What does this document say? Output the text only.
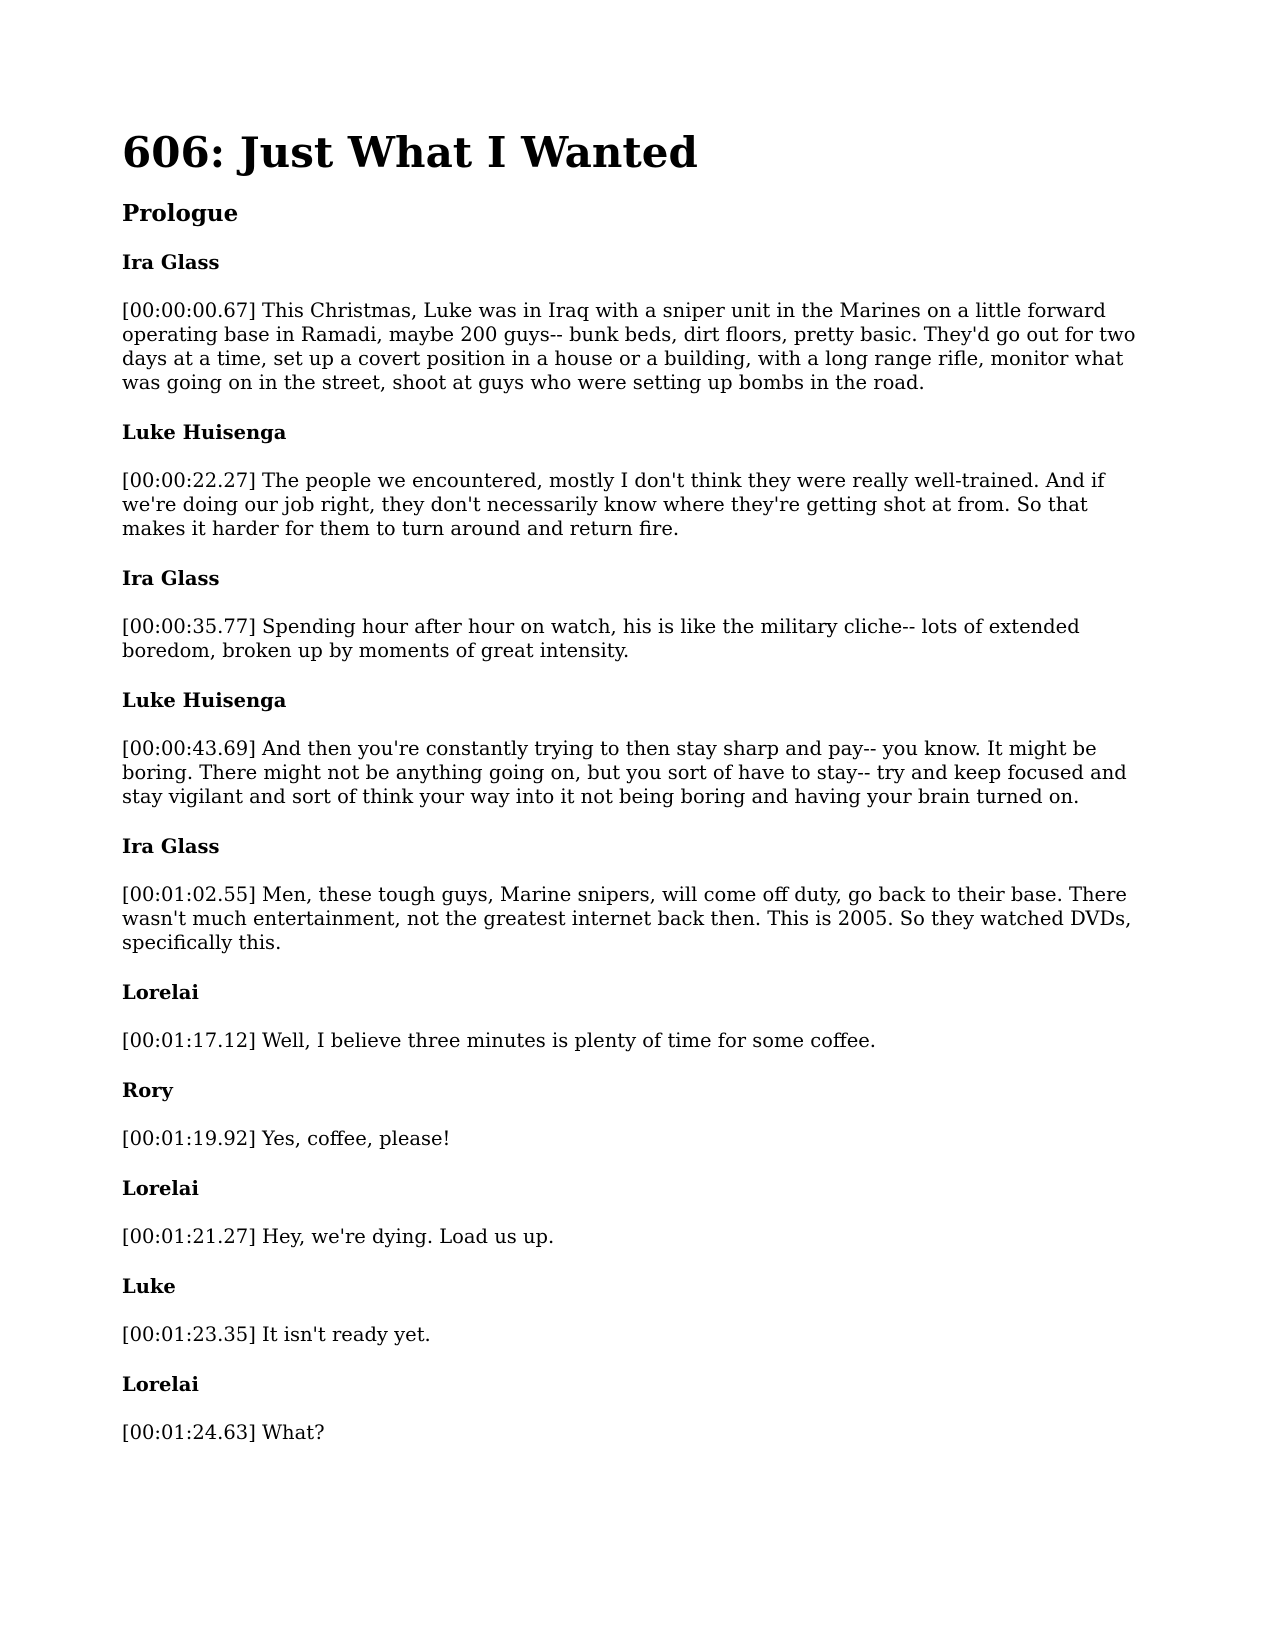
606: Just What I Wanted
Prologue
Ira Glass

[00:00:00.67] This Christmas, Luke was in Iraq with a sniper unit in the Marines on a little forward operating base in Ramadi, maybe 200 guys-- bunk beds, dirt floors, pretty basic. They'd go out for two days at a time, set up a covert position in a house or a building, with a long range rifle, monitor what was going on in the street, shoot at guys who were setting up bombs in the road.

Luke Huisenga

[00:00:22.27] The people we encountered, mostly I don't think they were really well-trained. And if we're doing our job right, they don't necessarily know where they're getting shot at from. So that makes it harder for them to turn around and return fire.

Ira Glass

[00:00:35.77] Spending hour after hour on watch, his is like the military cliche-- lots of extended boredom, broken up by moments of great intensity.

Luke Huisenga

[00:00:43.69] And then you're constantly trying to then stay sharp and pay-- you know. It might be boring. There might not be anything going on, but you sort of have to stay-- try and keep focused and stay vigilant and sort of think your way into it not being boring and having your brain turned on.

Ira Glass

[00:01:02.55] Men, these tough guys, Marine snipers, will come off duty, go back to their base. There wasn't much entertainment, not the greatest internet back then. This is 2005. So they watched DVDs, specifically this.

Lorelai

[00:01:17.12] Well, I believe three minutes is plenty of time for some coffee.

Rory

[00:01:19.92] Yes, coffee, please!

Lorelai

[00:01:21.27] Hey, we're dying. Load us up.

Luke

[00:01:23.35] It isn't ready yet.

Lorelai

[00:01:24.63] What?
